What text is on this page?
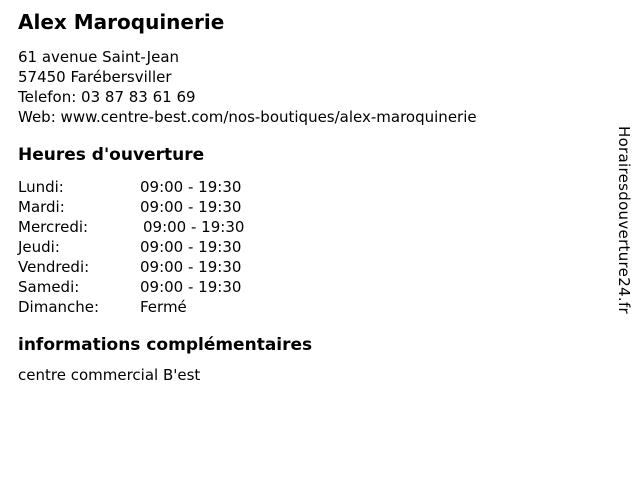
Alex Maroquinerie
61 avenue Saint-Jean
57450 Farébersviller
Telefon: 03 87 83 61 69
Web: www.centre-best.com/nos-boutiques/alex-maroquinerie
Heures d'ouverture
Lundi:	09:00 - 19:30
Mardi:	09:00 - 19:30
Mercredi:	09:00 - 19:30
Jeudi:	09:00 - 19:30
Vendredi:	09:00 - 19:30
Samedi:	09:00 - 19:30
Dimanche:	Fermé
informations complémentaires
centre commercial B'est
Horairesdouverture24.fr
